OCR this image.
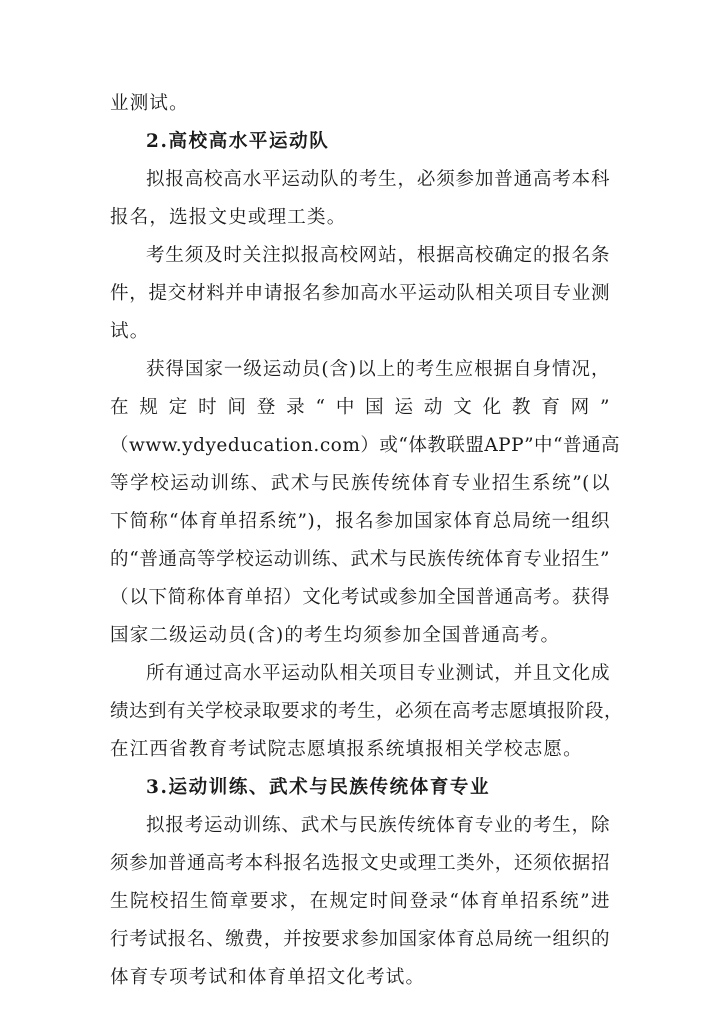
业测试。
2.高校高水平运动队
拟报高校高水平运动队的考生，必须参加普通高考本科
报名，选报文史或理工类。
考生须及时关注拟报高校网站，根据高校确定的报名条
件，提交材料并申请报名参加高水平运动队相关项目专业测
试。
获得国家一级运动员(含)以上的考生应根据自身情况，
在规定时间登录“中国运动文化教育网”
（www.ydyeducation.com）或“体教联盟APP”中“普通高
等学校运动训练、武术与民族传统体育专业招生系统”(以
下简称“体育单招系统”)，报名参加国家体育总局统一组织
的“普通高等学校运动训练、武术与民族传统体育专业招生”
（以下简称体育单招）文化考试或参加全国普通高考。获得
国家二级运动员(含)的考生均须参加全国普通高考。
所有通过高水平运动队相关项目专业测试，并且文化成
绩达到有关学校录取要求的考生，必须在高考志愿填报阶段，
在江西省教育考试院志愿填报系统填报相关学校志愿。
3.运动训练、武术与民族传统体育专业
拟报考运动训练、武术与民族传统体育专业的考生，除
须参加普通高考本科报名选报文史或理工类外，还须依据招
生院校招生简章要求，在规定时间登录“体育单招系统”进
行考试报名、缴费，并按要求参加国家体育总局统一组织的
体育专项考试和体育单招文化考试。
